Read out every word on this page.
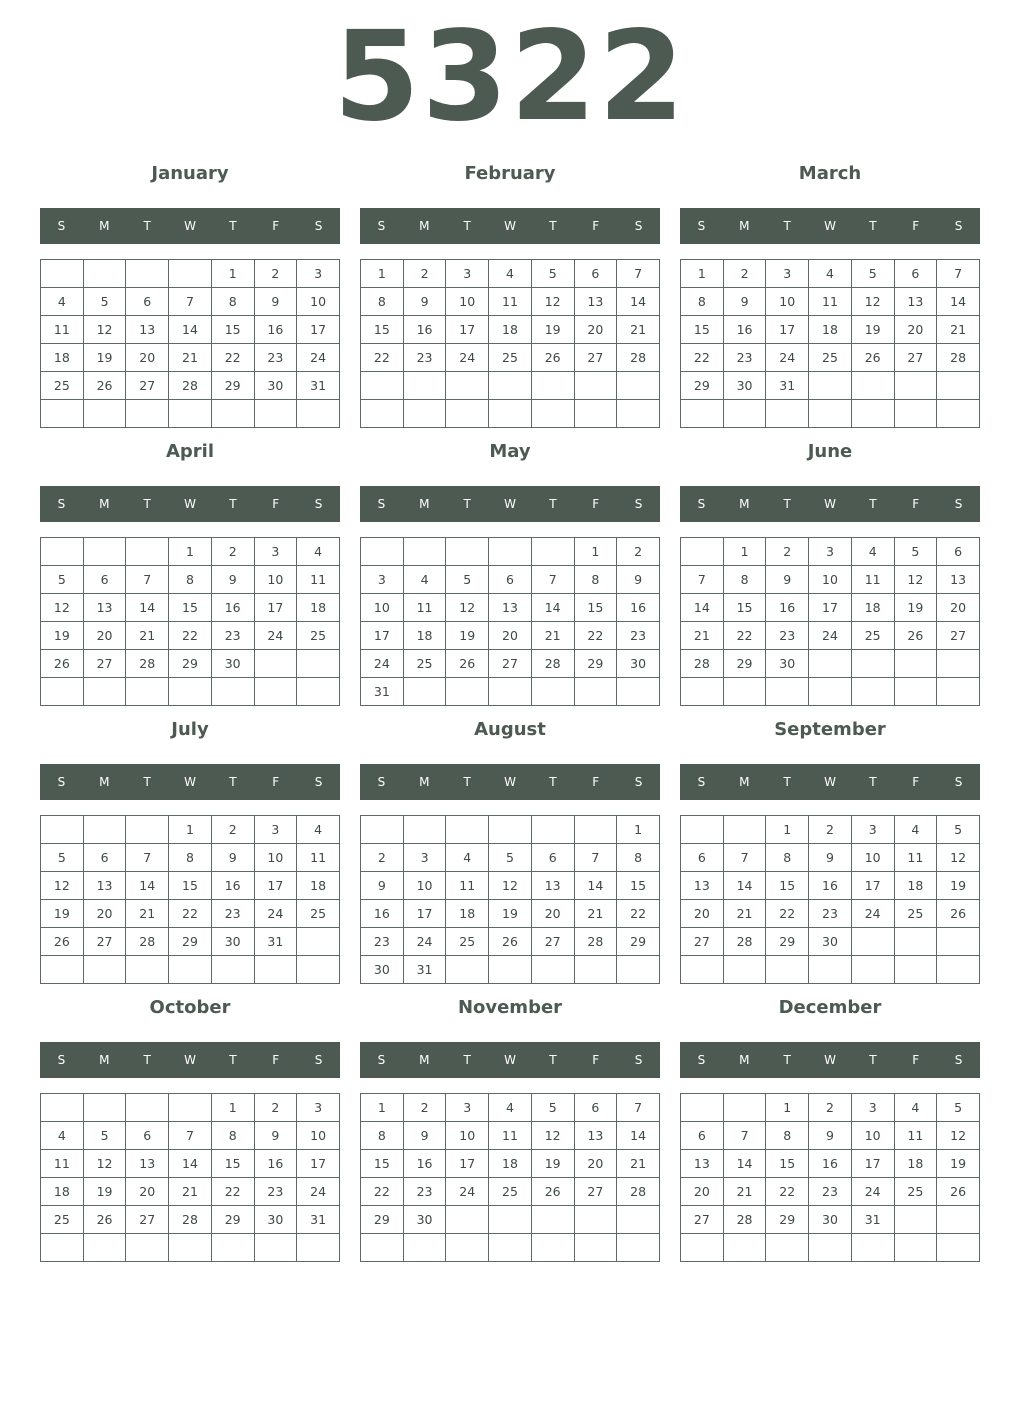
5322
January
S	M	T	W	T	F	S
				1	2	3
4	5	6	7	8	9	10
11	12	13	14	15	16	17
18	19	20	21	22	23	24
25	26	27	28	29	30	31

February
S	M	T	W	T	F	S
1	2	3	4	5	6	7
8	9	10	11	12	13	14
15	16	17	18	19	20	21
22	23	24	25	26	27	28

March
S	M	T	W	T	F	S
1	2	3	4	5	6	7
8	9	10	11	12	13	14
15	16	17	18	19	20	21
22	23	24	25	26	27	28
29	30	31				

April
S	M	T	W	T	F	S
			1	2	3	4
5	6	7	8	9	10	11
12	13	14	15	16	17	18
19	20	21	22	23	24	25
26	27	28	29	30		

May
S	M	T	W	T	F	S
					1	2
3	4	5	6	7	8	9
10	11	12	13	14	15	16
17	18	19	20	21	22	23
24	25	26	27	28	29	30
31						
June
S	M	T	W	T	F	S
	1	2	3	4	5	6
7	8	9	10	11	12	13
14	15	16	17	18	19	20
21	22	23	24	25	26	27
28	29	30				

July
S	M	T	W	T	F	S
			1	2	3	4
5	6	7	8	9	10	11
12	13	14	15	16	17	18
19	20	21	22	23	24	25
26	27	28	29	30	31	

August
S	M	T	W	T	F	S
						1
2	3	4	5	6	7	8
9	10	11	12	13	14	15
16	17	18	19	20	21	22
23	24	25	26	27	28	29
30	31					
September
S	M	T	W	T	F	S
		1	2	3	4	5
6	7	8	9	10	11	12
13	14	15	16	17	18	19
20	21	22	23	24	25	26
27	28	29	30			

October
S	M	T	W	T	F	S
				1	2	3
4	5	6	7	8	9	10
11	12	13	14	15	16	17
18	19	20	21	22	23	24
25	26	27	28	29	30	31

November
S	M	T	W	T	F	S
1	2	3	4	5	6	7
8	9	10	11	12	13	14
15	16	17	18	19	20	21
22	23	24	25	26	27	28
29	30					

December
S	M	T	W	T	F	S
		1	2	3	4	5
6	7	8	9	10	11	12
13	14	15	16	17	18	19
20	21	22	23	24	25	26
27	28	29	30	31		
